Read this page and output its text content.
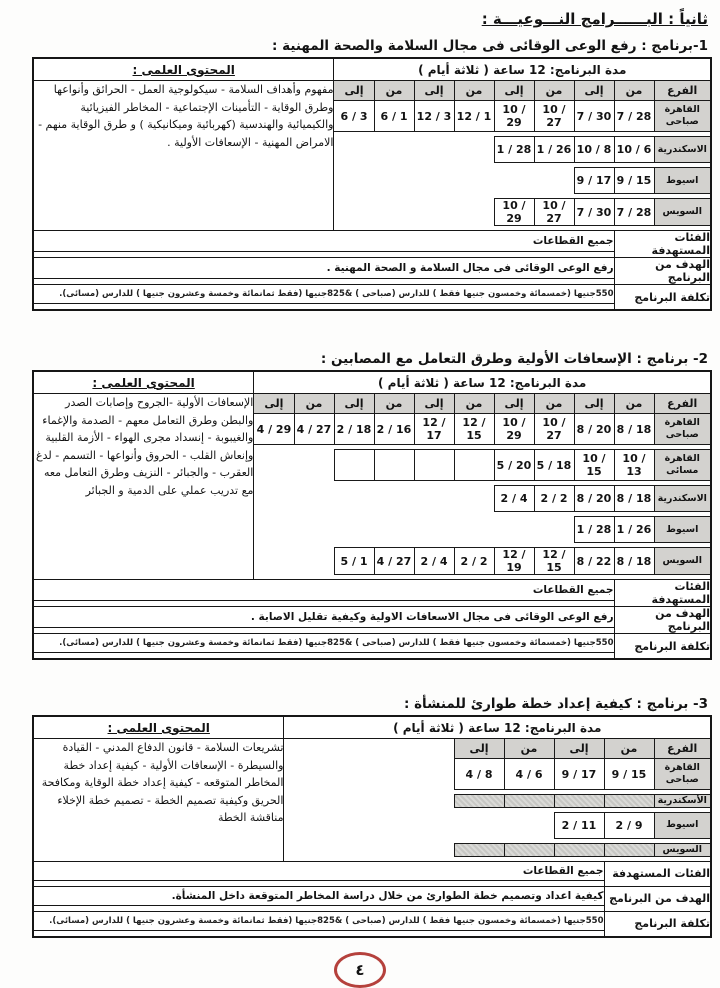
ثانياً : البــــــرامج النـــوعيـــة :
1-برنامج : رفع الوعى الوقائى فى مجال السلامة والصحة المهنية :
مدة البرنامج: 12 ساعة ( ثلاثة أيام )									المحتوى العلمى :
الفرع	من	إلى	من	إلى	من	إلى	من	إلى	مفهوم وأهداف السلامة - سيكولوجية العمل - الحرائق وأنواعها وطرق الوقاية - التأمينات الإجتماعية - المخاطر الفيزيائية والكيميائية والهندسية (كهربائية وميكانيكية ) و طرق الوقاية منهم - الامراض المهنية - الإسعافات الأولية .
القاهرة صباحى	7 / 28	7 / 30	10 / 27	10 / 29	12 / 1	12 / 3	6 / 1	6 / 3	

الاسكندرية	10 / 6	10 / 8	1 / 26	1 / 28					

اسيوط	9 / 15	9 / 17							

السويس	7 / 28	7 / 30	10 / 27	10 / 29					

الفئات المستهدفة		جميع القطاعات							

الهدف من البرنامج		رفع الوعى الوقائى فى مجال السلامة و الصحة المهنية .							

تكلفة البرنامج		550جنيها (خمسمائة وخمسون جنيها فقط ) للدارس (صباحى ) &825جنيها (فقط ثمانمائة وخمسة وعشرون جنيها ) للدارس (مسائى).							

2- برنامج : الإسعافات الأولية وطرق التعامل مع المصابين :
مدة البرنامج: 12 ساعة ( ثلاثة أيام )											المحتوى العلمى :
الفرع	من	إلى	من	إلى	من	إلى	من	إلى	من	إلى	الإسعافات الأولية -الجروح وإصابات الصدر والبطن وطرق التعامل معهم - الصدمة والإغماء والغيبوبة - إنسداد مجرى الهواء - الأزمة القلبية وإنعاش القلب - الحروق وأنواعها - التسمم - لدغ العقرب - والجبائر - النزيف وطرق التعامل معه مع تدريب عملي على الدمية و الجبائر
القاهرة صباحى	8 / 18	8 / 20	10 / 27	10 / 29	12 / 15	12 / 17	2 / 16	2 / 18	4 / 27	4 / 29	

القاهرة مسائى	10 / 13	10 / 15	5 / 18	5 / 20							

الاسكندرية	8 / 18	8 / 20	2 / 2	2 / 4							

اسيوط	1 / 26	1 / 28									

السويس	8 / 18	8 / 22	12 / 15	12 / 19	2 / 2	2 / 4	4 / 27	5 / 1			

الفئات المستهدفة		جميع القطاعات									

الهدف من البرنامج		رفع الوعى الوقائى فى مجال الاسعافات الاولية وكيفية تقليل الاصابة .									

تكلفة البرنامج		550جنيها (خمسمائة وخمسون جنيها فقط ) للدارس (صباحى ) &825جنيها (فقط ثمانمائة وخمسة وعشرون جنيها ) للدارس (مسائى).									

3- برنامج : كيفية إعداد خطة طوارئ للمنشأة :
مدة البرنامج: 12 ساعة ( ثلاثة أيام )						المحتوى العلمى :
الفرع	من	إلى	من	إلى		تشريعات السلامة - قانون الدفاع المدني - القيادة والسيطرة - الإسعافات الأولية - كيفية إعداد خطة المخاطر المتوقعه - كيفية إعداد خطة الوقاية ومكافحة الحريق وكيفية تصميم الخطة - تصميم خطة الإخلاء مناقشة الخطة
القاهرة صباحى	9 / 15	9 / 17	4 / 6	4 / 8		

الأسكندرية						

اسيوط	2 / 9	2 / 11				

السويس						

الفئات المستهدفة		جميع القطاعات				

الهدف من البرنامج		كيفية اعداد وتصميم خطة الطوارئ من خلال دراسة المخاطر المتوقعة داخل المنشأة.				

تكلفة البرنامج		550جنيها (خمسمائة وخمسون جنيها فقط ) للدارس (صباحى ) &825جنيها (فقط ثمانمائة وخمسة وعشرون جنيها ) للدارس (مسائى).				

٤
